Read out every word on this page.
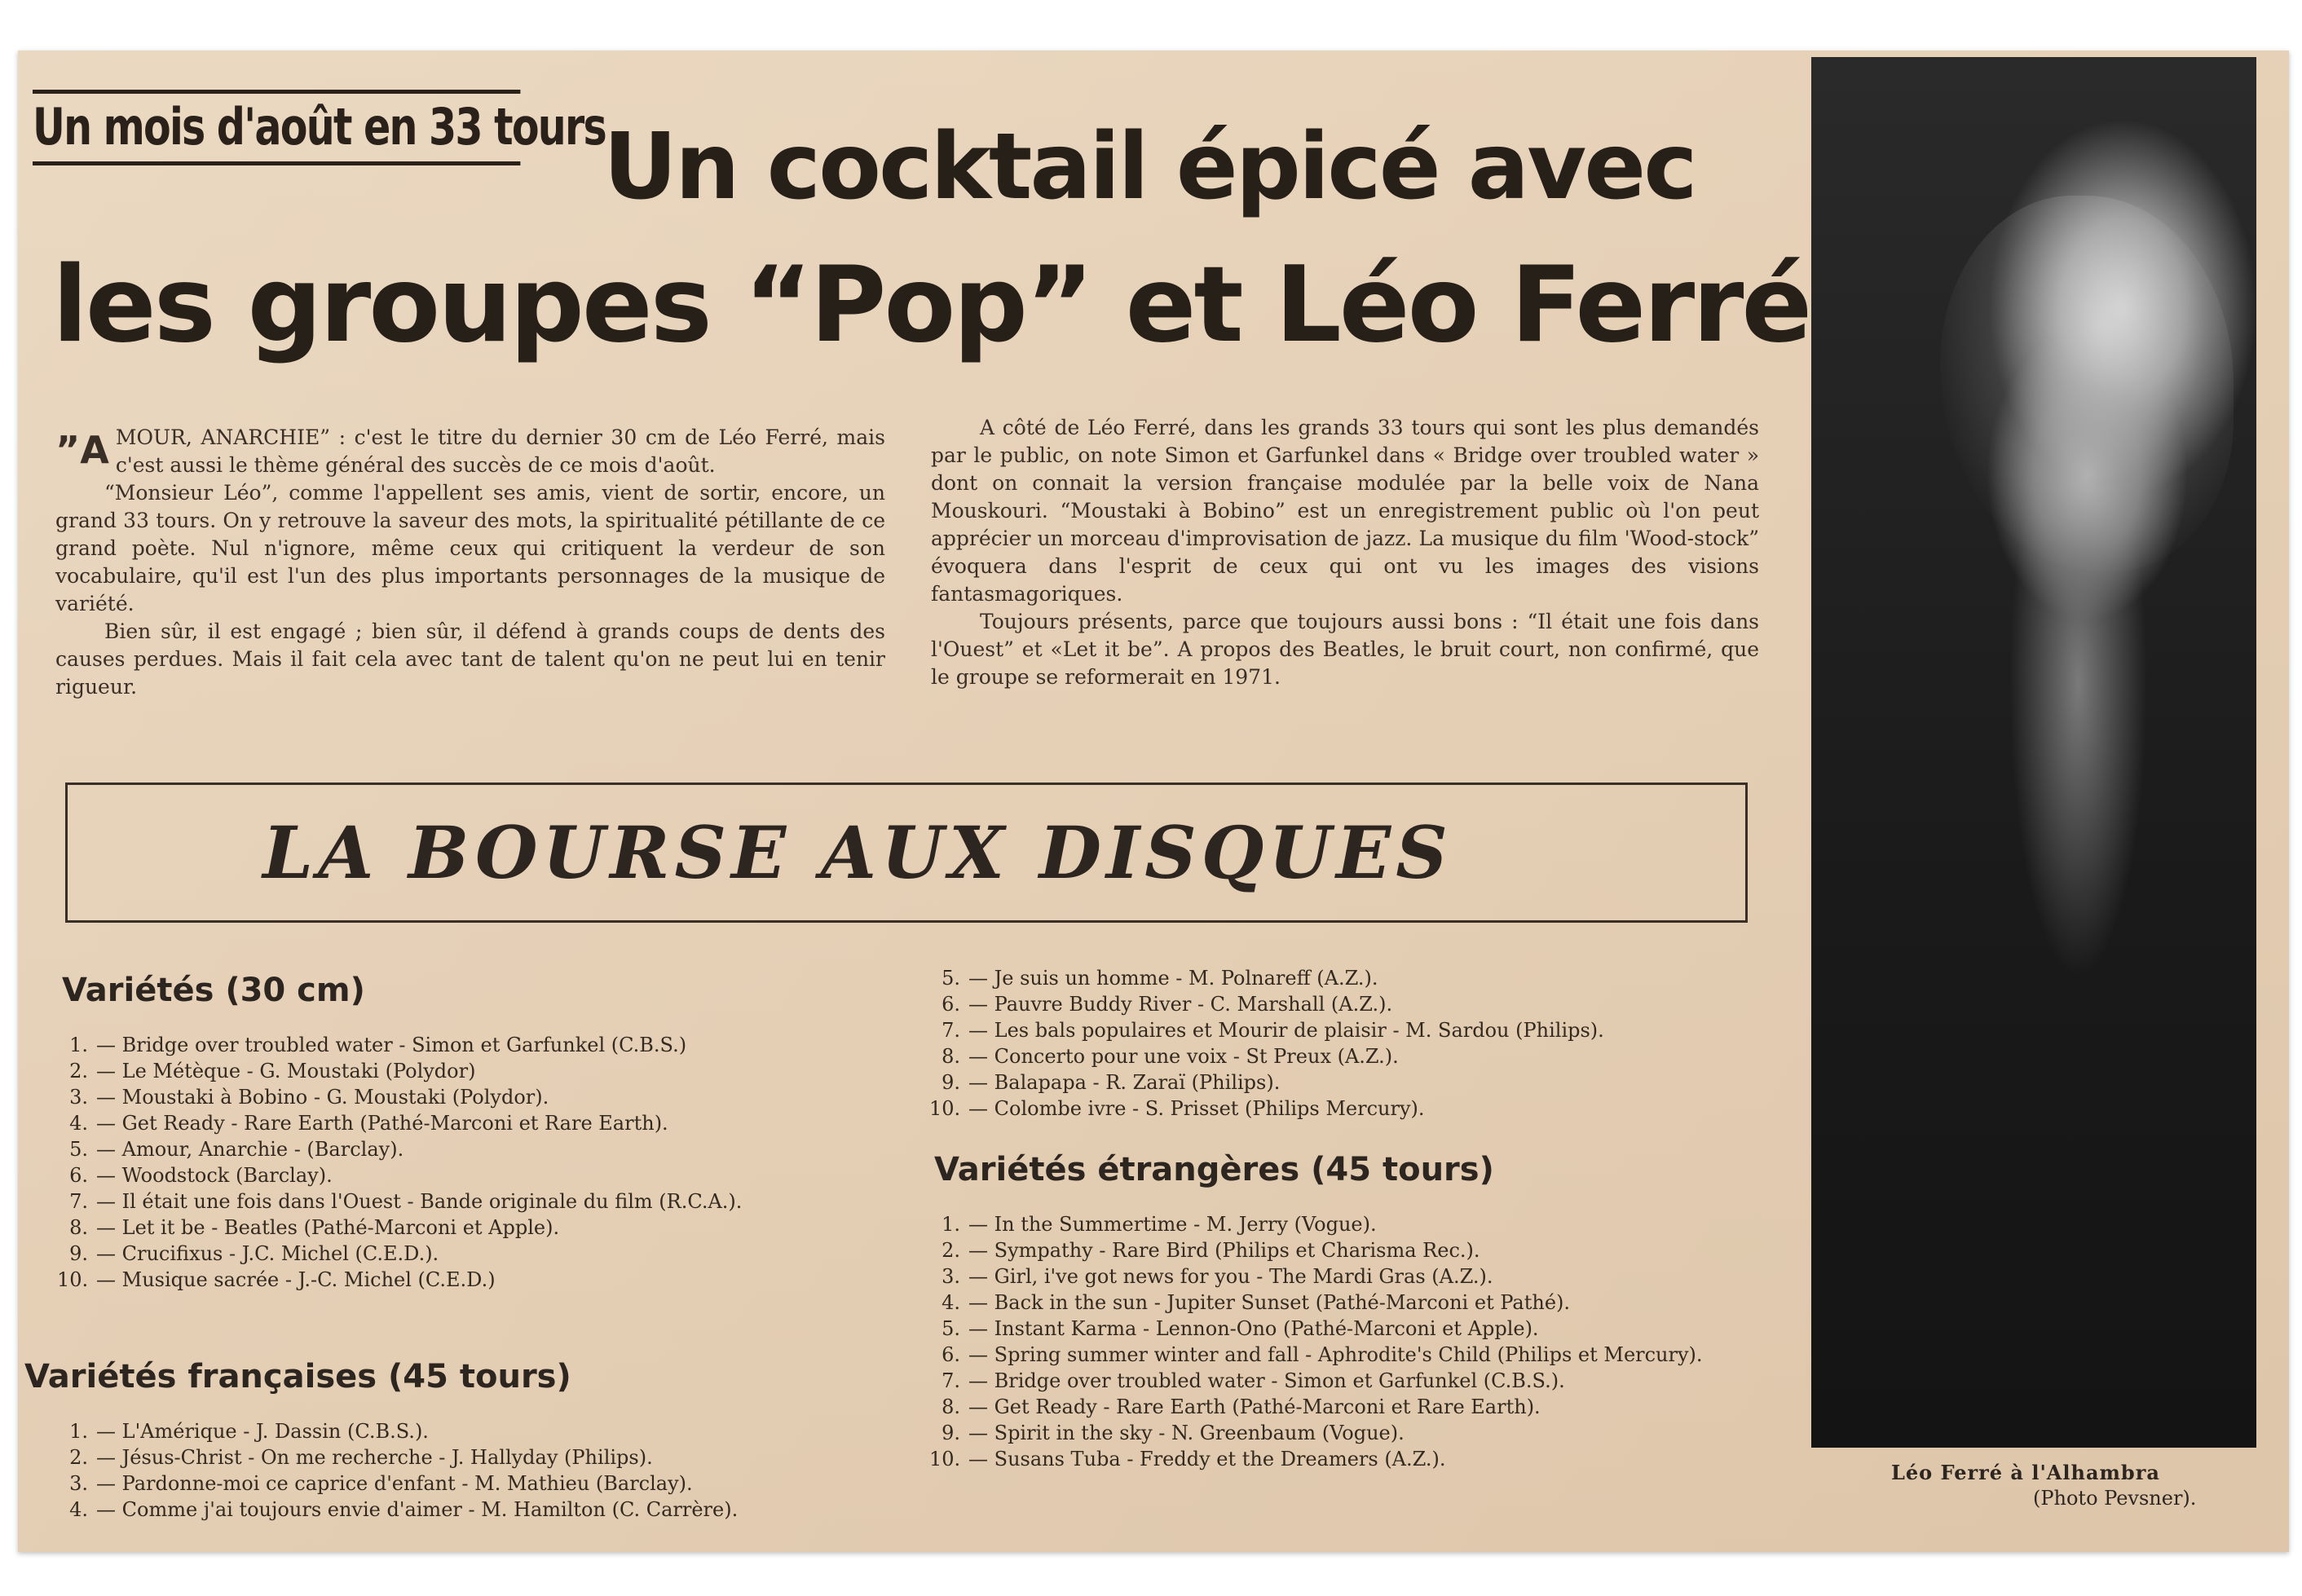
Un mois d'août en 33 tours
Un cocktail épicé avec
les groupes “Pop” et Léo Ferré

”A MOUR, ANARCHIE” : c'est le titre du dernier 30 cm de Léo Ferré, mais c'est aussi le thème général des succès de ce mois d'août.

“Monsieur Léo”, comme l'appellent ses amis, vient de sortir, encore, un grand 33 tours. On y retrouve la saveur des mots, la spiritualité pétillante de ce grand poète. Nul n'ignore, même ceux qui critiquent la verdeur de son vocabulaire, qu'il est l'un des plus importants personnages de la musique de variété.

Bien sûr, il est engagé ; bien sûr, il défend à grands coups de dents des causes perdues. Mais il fait cela avec tant de talent qu'on ne peut lui en tenir rigueur.

A côté de Léo Ferré, dans les grands 33 tours qui sont les plus demandés par le public, on note Simon et Garfunkel dans « Bridge over troubled water » dont on connait la version française modulée par la belle voix de Nana Mouskouri. “Moustaki à Bobino” est un enregistrement public où l'on peut apprécier un morceau d'improvisation de jazz. La musique du film 'Wood-stock” évoquera dans l'esprit de ceux qui ont vu les images des visions fantasmagoriques.

Toujours présents, parce que toujours aussi bons : “Il était une fois dans l'Ouest” et «Let it be”. A propos des Beatles, le bruit court, non confirmé, que le groupe se reformerait en 1971.

LA BOURSE AUX DISQUES
Variétés (30 cm)
1. — Bridge over troubled water - Simon et Garfunkel (C.B.S.)
2. — Le Métèque - G. Moustaki (Polydor)
3. — Moustaki à Bobino - G. Moustaki (Polydor).
4. — Get Ready - Rare Earth (Pathé-Marconi et Rare Earth).
5. — Amour, Anarchie - (Barclay).
6. — Woodstock (Barclay).
7. — Il était une fois dans l'Ouest - Bande originale du film (R.C.A.).
8. — Let it be - Beatles (Pathé-Marconi et Apple).
9. — Crucifixus - J.C. Michel (C.E.D.).
10. — Musique sacrée - J.-C. Michel (C.E.D.)
Variétés françaises (45 tours)
1. — L'Amérique - J. Dassin (C.B.S.).
2. — Jésus-Christ - On me recherche - J. Hallyday (Philips).
3. — Pardonne-moi ce caprice d'enfant - M. Mathieu (Barclay).
4. — Comme j'ai toujours envie d'aimer - M. Hamilton (C. Carrère).
5. — Je suis un homme - M. Polnareff (A.Z.).
6. — Pauvre Buddy River - C. Marshall (A.Z.).
7. — Les bals populaires et Mourir de plaisir - M. Sardou (Philips).
8. — Concerto pour une voix - St Preux (A.Z.).
9. — Balapapa - R. Zaraï (Philips).
10. — Colombe ivre - S. Prisset (Philips Mercury).
Variétés étrangères (45 tours)
1. — In the Summertime - M. Jerry (Vogue).
2. — Sympathy - Rare Bird (Philips et Charisma Rec.).
3. — Girl, i've got news for you - The Mardi Gras (A.Z.).
4. — Back in the sun - Jupiter Sunset (Pathé-Marconi et Pathé).
5. — Instant Karma - Lennon-Ono (Pathé-Marconi et Apple).
6. — Spring summer winter and fall - Aphrodite's Child (Philips et Mercury).
7. — Bridge over troubled water - Simon et Garfunkel (C.B.S.).
8. — Get Ready - Rare Earth (Pathé-Marconi et Rare Earth).
9. — Spirit in the sky - N. Greenbaum (Vogue).
10. — Susans Tuba - Freddy et the Dreamers (A.Z.).
Léo Ferré à l'Alhambra
(Photo Pevsner).
